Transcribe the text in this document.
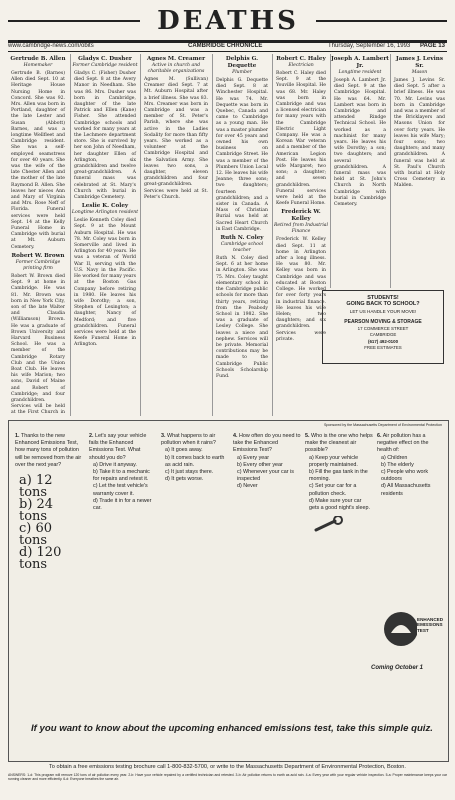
DEATHS
www.cambridge-news.com/obits	CAMBRIDGE CHRONICLE	Thursday, September 16, 1993 PAGE 13
Gertrude B. Allen
Homemaker
Gertrude B. (Barnes) Allen died Sept. 10 at Heritage House Nursing Home in Concord. She was 92. Mrs. Allen was born in Portland, daughter of the late Lester and Susan (Abbott) Barnes, and was a longtime Wellfleet and Cambridge resident. She was a self-employed seamstress for over 40 years. She was the wife of the late Chester Allen and the mother of the late Raymond B. Allen. She leaves her nieces Ann and Mary of Virginia and Mrs. Rose Neff of Florida. Funeral services were held Sept. 14 at the Kelly Funeral Home in Cambridge with burial at Mt. Auburn Cemetery.
Robert W. Brown
Former Cambridge printing firm
Robert W. Brown died Sept. 9 at home in Cambridge. He was 81. Mr. Brown was born in New York City, son of the late Walter and Claudia (Williamson) Brown. He was a graduate of Brown University and Harvard Business School. He was a member of the Cambridge Rotary Club and the Union Boat Club. He leaves his wife Marion; two sons, David of Maine and Robert of Cambridge; and four grandchildren. Services will be held at the First Church in
Gladys C. Dusher
Former Cambridge resident
Gladys C. (Fisher) Dusher died Sept. 8 at the Avery Manor in Needham. She was 86. Mrs. Dusher was born in Cambridge, daughter of the late Patrick and Ellen (Kane) Fisher. She attended Cambridge schools and worked for many years at the Lechmere department store. She is survived by her son John of Needham, her daughter Ellen of Arlington, six grandchildren and twelve great-grandchildren. A funeral mass was celebrated at St. Mary's Church with burial in Cambridge Cemetery.
Leslie K. Coley
Longtime Arlington resident
Leslie Kenneth Coley died Sept. 9 at the Mount Auburn Hospital. He was 78. Mr. Coley was born in Somerville and lived in Arlington for 40 years. He was a veteran of World War II, serving with the U.S. Navy in the Pacific. He worked for many years at the Boston Gas Company before retiring in 1980. He leaves his wife Dorothy; a son, Stephen of Lexington; a daughter, Nancy of Medford; and five grandchildren. Funeral services were held at the Keefe Funeral Home in Arlington.
Agnes M. Creamer
Active in church and charitable organizations
Agnes M. (Sullivan) Creamer died Sept. 7 at Mt. Auburn Hospital after a brief illness. She was 83. Mrs. Creamer was born in Cambridge and was a member of St. Peter's Parish, where she was active in the Ladies Sodality for more than fifty years. She worked as a volunteer at the Cambridge Hospital and the Salvation Army. She leaves two sons, a daughter, eleven grandchildren and four great-grandchildren. Services were held at St. Peter's Church.
Delphis G. Dequette
Plumber
Delphis G. Dequette died Sept. 8 at Winchester Hospital. He was 74. Mr. Dequette was born in Quebec, Canada and came to Cambridge as a young man. He was a master plumber for over 45 years and owned his own business on Cambridge Street. He was a member of the Plumbers Union Local 12. He leaves his wife Jeanne; three sons; two daughters; fourteen grandchildren; and a sister in Canada. A Mass of Christian Burial was held at Sacred Heart Church in East Cambridge.
Ruth N. Coley
Cambridge school teacher
Ruth N. Coley died Sept. 6 at her home in Arlington. She was 75. Mrs. Coley taught elementary school in the Cambridge public schools for more than thirty years, retiring from the Peabody School in 1982. She was a graduate of Lesley College. She leaves a niece and nephew. Services will be private. Memorial contributions may be made to the Cambridge Public Schools Scholarship Fund.
Robert C. Haley
Electrician
Robert C. Haley died Sept. 9 at the Youville Hospital. He was 68. Mr. Haley was born in Cambridge and was a licensed electrician for many years with the Cambridge Electric Light Company. He was a Korean War veteran and a member of the American Legion Post. He leaves his wife Margaret; two sons; a daughter; and seven grandchildren. Funeral services were held at the Keefe Funeral Home.
Frederick W. Kelley
Retired from Industrial Finance
Frederick W. Kelley died Sept. 11 at home in Arlington after a long illness. He was 80. Mr. Kelley was born in Cambridge and was educated at Boston College. He worked for over forty years in industrial finance. He leaves his wife Helen; two daughters; and six grandchildren. Services were private.
Joseph A. Lambert Jr.
Longtime resident
Joseph A. Lambert Jr. died Sept. 9 at the Cambridge Hospital. He was 64. Mr. Lambert was born in Cambridge and attended Rindge Technical School. He worked as a machinist for many years. He leaves his wife Dorothy; a son; two daughters; and several grandchildren. A funeral mass was held at St. John's Church in North Cambridge with burial in Cambridge Cemetery.
James J. Levins Sr.
Mason
James J. Levins Sr. died Sept. 5 after a brief illness. He was 70. Mr. Levins was born in Cambridge and was a member of the Bricklayers and Masons Union for over forty years. He leaves his wife Mary; four sons; two daughters; and many grandchildren. A funeral was held at St. Paul's Church with burial at Holy Cross Cemetery in Malden.
STUDENTS!
GOING BACK TO SCHOOL?
LET US HANDLE YOUR MOVE!
PEARSON MOVING & STORAGE
17 COMMERCE STREET
CAMBRIDGE
(617) 492-0100
FREE ESTIMATES
Sponsored by the Massachusetts Department of Environmental Protection
1. Thanks to the new Enhanced Emissions Test, how many tons of pollution will be removed from the air over the next year?
a) 12 tons
b) 24 tons
c) 60 tons
d) 120 tons
2. Let's say your vehicle fails the Enhanced Emissions Test. What should you do?
a) Drive it anyway.
b) Take it to a mechanic for repairs and retest it.
c) Let the test vehicle's warranty cover it.
d) Trade it in for a newer car.
3. What happens to air pollution when it rains?
a) It goes away.
b) It comes back to earth as acid rain.
c) It just stays there.
d) It gets worse.
4. How often do you need to take the Enhanced Emissions Test?
a) Every year
b) Every other year
c) Whenever your car is inspected
d) Never
5. Who is the one who helps make the cleanest air possible?
a) Keep your vehicle properly maintained.
b) Fill the gas tank in the morning.
c) Set your car for a pollution check.
d) Make sure your car gets a good night's sleep.
6. Air pollution has a negative effect on the health of:
a) Children
b) The elderly
c) People who work outdoors
d) All Massachusetts residents
ENHANCED EMISSIONS TEST
Coming October 1
If you want to know about the upcoming enhanced emissions test, take this simple quiz.
To obtain a free emissions testing brochure call 1-800-832-5700, or write to the Massachusetts Department of Environmental Protection, Boston.
ANSWERS: 1-d: This program will remove 120 tons of air pollution every year. 2-b: Have your vehicle repaired by a certified technician and retested. 3-b: Air pollution returns to earth as acid rain. 4-a: Every year with your regular vehicle inspection. 5-a: Proper maintenance keeps your car running cleaner and more efficiently. 6-d: Everyone breathes the same air.
